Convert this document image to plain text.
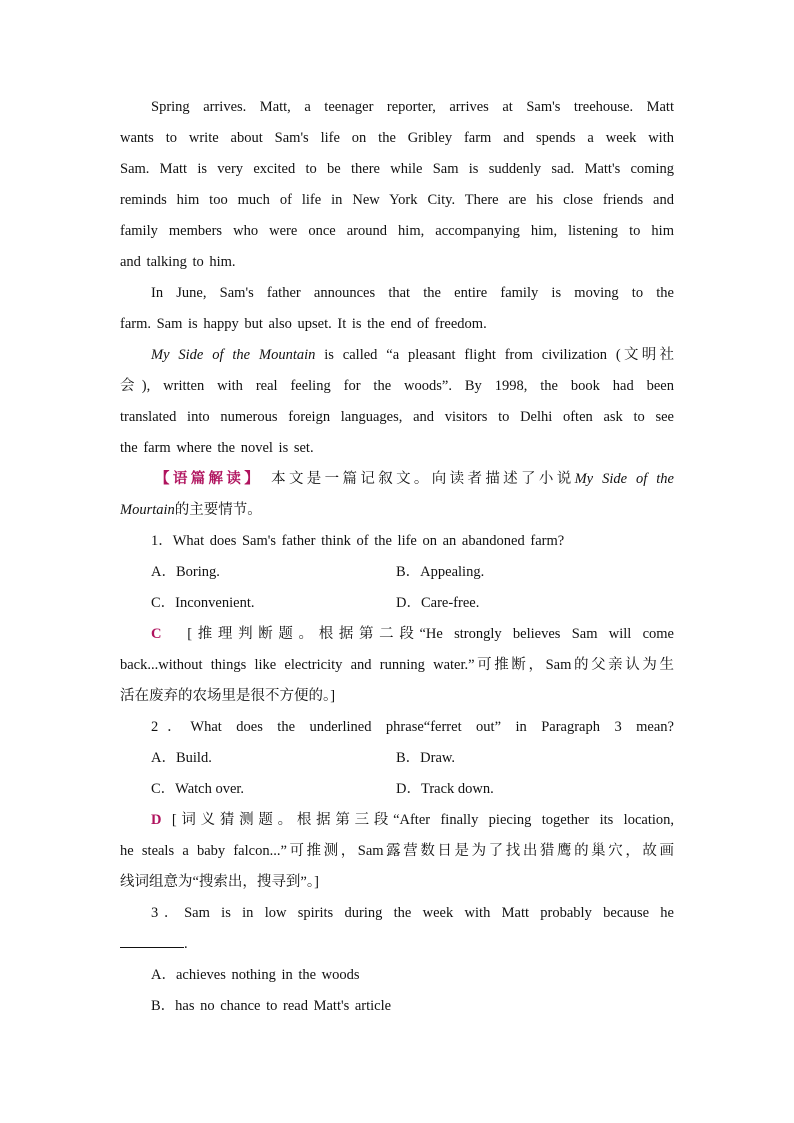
Spring arrives. Matt, a teenager reporter, arrives at Sam's treehouse. Matt
wants to write about Sam's life on the Gribley farm and spends a week with
Sam. Matt is very excited to be there while Sam is suddenly sad. Matt's coming
reminds him too much of life in New York City. There are his close friends and
family members who were once around him, accompanying him, listening to him
and talking to him.
In June, Sam's father announces that the entire family is moving to the
farm. Sam is happy but also upset. It is the end of freedom.
My Side of the Mountain is called “a pleasant flight from civilization (文明社
会), written with real feeling for the woods”. By 1998, the book had been
translated into numerous foreign languages, and visitors to Delhi often ask to see
the farm where the novel is set.
【语篇解读】 本文是一篇记叙文。向读者描述了小说My Side of the
Mourtain的主要情节。
1．What does Sam's father think of the life on an abandoned farm?
A．Boring.	B．Appealing.
C．Inconvenient.	D．Care-free.
C　 [推理判断题。根据第二段“He strongly believes Sam will come
back...without things like electricity and running water.”可推断，Sam的父亲认为生
活在废弃的农场里是很不方便的。]
2．What does the underlined phrase“ferret out” in Paragraph 3 mean?
A．Build.	B．Draw.
C．Watch over.	D．Track down.
D [词义猜测题。根据第三段“After finally piecing together its location,
he steals a baby falcon...”可推测，Sam露营数日是为了找出猎鹰的巢穴，故画
线词组意为“搜索出，搜寻到”。]
3．Sam is in low spirits during the week with Matt probably because he
.
A．achieves nothing in the woods
B．has no chance to read Matt's article
